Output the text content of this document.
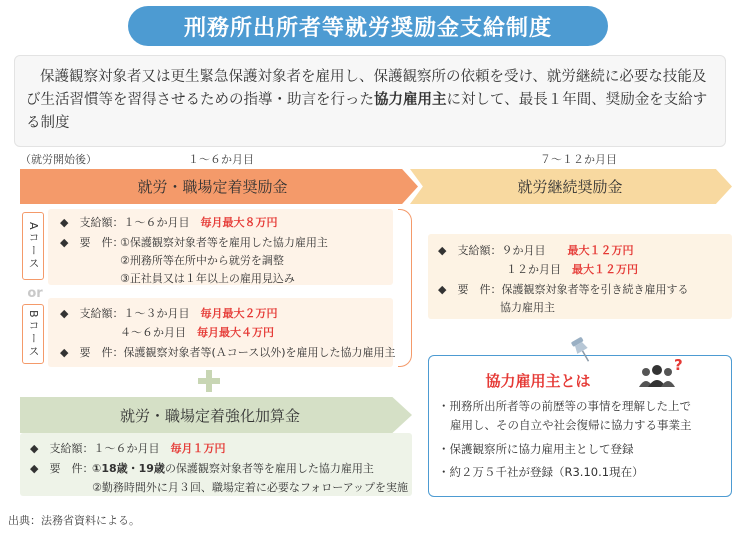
刑務所出所者等就労奨励金支給制度
保護観察対象者又は更生緊急保護対象者を雇用し、保護観察所の依頼を受け、就労継続に必要な技能及び生活習慣等を習得させるための指導・助言を行った協力雇用主に対して、最長１年間、奨励金を支給する制度
（就労開始後）	１～６か月目	７～１２か月目
就労・職場定着奨励金	就労継続奨励金
Aコース	◆　支給額：１～６か月目　 毎月最大８万円
◆　要　件：
①保護観察対象者等を雇用した協力雇用主
②刑務所等在所中から就労を調整
③正社員又は１年以上の雇用見込み
or
Bコース	◆　支給額：１～３か月目　 毎月最大２万円
４～６か月目　 毎月最大４万円
◆　要　件：保護観察対象者等(Ａコース以外)を雇用した協力雇用主
◆　支給額：９か月目　　 最大１２万円
１２か月目　 最大１２万円
◆　要　件：保護観察対象者等を引き続き雇用する
協力雇用主
就労・職場定着強化加算金
◆　支給額：１～６か月目　 毎月１万円
◆　要　件：
①18歳・19歳の保護観察対象者等を雇用した協力雇用主
②勤務時間外に月３回、職場定着に必要なフォローアップを実施
協力雇用主とは
?
・刑務所出所者等の前歴等の事情を理解した上で
雇用し、その自立や社会復帰に協力する事業主
・保護観察所に協力雇用主として登録
・約２万５千社が登録（R3.10.1現在）
出典：法務省資料による。
